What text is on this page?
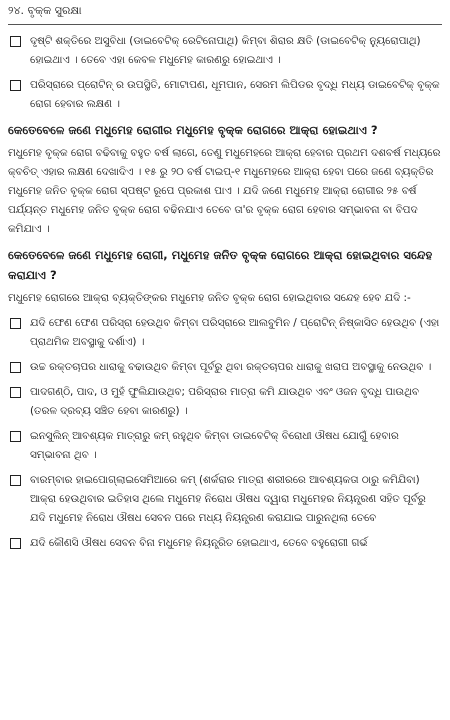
୨୪. ବୃକ୍କ ସୁରକ୍ଷା
ଦୃଷ୍ଟି ଶକ୍ତିରେ ଅସୁବିଧା (ଡାଇବେଟିକ୍ ରେଟିନୋପାଥି) କିମ୍ବା ଶିରାର କ୍ଷତି (ଡାଇବେଟିକ୍ ନ୍ୟୁରୋପାଥି) ହୋଇଥାଏ । ତେବେ ଏହା କେବଳ ମଧୁମେହ କାରଣରୁ ହୋଇଥାଏ ।
ପରିସ୍ରାରେ ପ୍ରୋଟିନ୍ ର ଉପସ୍ଥିତି, ମୋଟାପଣ, ଧୂମପାନ, ସେରମ ଲିପିଡର ବୃଦ୍ଧି ମଧ୍ୟ ଡାଇବେଟିକ୍ ବୃକ୍କ ରୋଗ ହେବାର ଲକ୍ଷଣ ।
କେତେବେଳେ ଜଣେ ମଧୁମେହ ରୋଗୀର ମଧୁମେହ ବୃକ୍କ ରୋଗରେ ଆକ୍ରା ହୋଇଥାଏ ?

ମଧୁମେହ ବୃକ୍କ ରୋଗ ବଢିବାକୁ ବହୁତ ବର୍ଷ ଲାଗେ, ତେଣୁ ମଧୁମେହରେ ଆକ୍ରା ହେବାର ପ୍ରଥମ ଦଶବର୍ଷ ମଧ୍ୟରେ କ୍ବଚିତ୍ ଏହାର ଲକ୍ଷଣ ଦେଖାଦିଏ । ୧୫ ରୁ ୨୦ ବର୍ଷ ଟାଇପ୍-୧ ମଧୁମେହରେ ଆକ୍ରା ହେବା ପରେ ଜଣେ ବ୍ୟକ୍ତିର ମଧୁମେହ ଜନିତ ବୃକ୍କ ରୋଗ ସ୍ପଷ୍ଟ ରୂପେ ପ୍ରକାଶ ପାଏ । ଯଦି ଜଣେ ମଧୁମେହ ଆକ୍ରା ରୋଗୀର ୨୫ ବର୍ଷ ପର୍ଯ୍ୟନ୍ତ ମଧୁମେହ ଜନିତ ବୃକ୍କ ରୋଗ ବଢିନଯାଏ ତେବେ ତା'ର ବୃକ୍କ ରୋଗ ହେବାର ସମ୍ଭାବନା ବା ବିପଦ କମିଯାଏ ।

କେତେବେଳେ ଜଣେ ମଧୁମେହ ରୋଗୀ, ମଧୁମେହ ଜନିତ ବୃକ୍କ ରୋଗରେ ଆକ୍ରା ହୋଇଥିବାର ସନ୍ଦେହ କରାଯାଏ ?

ମଧୁମେହ ରୋଗରେ ଆକ୍ରା ବ୍ୟକ୍ତିଙ୍କର ମଧୁମେହ ଜନିତ ବୃକ୍କ ରୋଗ ହୋଇଥିବାର ସନ୍ଦେହ ହେବ ଯଦି :-

ଯଦି ଫେଣ ଫେଣ ପରିସ୍ରା ହେଉଥିବ କିମ୍ବା ପରିସ୍ରାରେ ଆଲବୁମିନ / ପ୍ରୋଟିନ୍ ନିଷ୍କାସିତ ହେଉଥିବ (ଏହା ପ୍ରାଥମିକ ଅବସ୍ଥାକୁ ଦର୍ଶାଏ) ।
ଉଚ୍ଚ ରକ୍ତଚାପର ଧାରାକୁ ବଢାଉଥିବ କିମ୍ବା ପୂର୍ବରୁ ଥିବା ରକ୍ତଚାପର ଧାରାକୁ ଖରାପ ଅବସ୍ଥାକୁ ନେଉଥିବ ।
ପାଦଗଣ୍ଠି, ପାଦ, ଓ ମୁହଁ ଫୁଲିଯାଉଥିବ; ପରିସ୍ରାର ମାତ୍ରା କମି ଯାଉଥିବ ଏବଂ ଓଜନ ବୃଦ୍ଧି ପାଉଥିବ (ତରଳ ଦ୍ରବ୍ୟ ସଞ୍ଚିତ ହେବା କାରଣରୁ) ।
ଇନସୁଲିନ୍ ଆବଶ୍ୟକ ମାତ୍ରାରୁ କମ୍ ରହୁଥିବ କିମ୍ବା ଡାଇବେଟିକ୍ ବିରୋଧୀ ଔଷଧ ଯୋଗୁଁ ହେବାର ସମ୍ଭାବନା ଥିବ ।
ବାରମ୍ବାର ହାଇପୋଗ୍ଲାଇସେମିଆରେ କମ୍ (ଶର୍କରାର ମାତ୍ରା ଶରୀରରେ ଆବଶ୍ୟକତା ଠାରୁ କମିଯିବା) ଆକ୍ରା ହେଉଥିବାର ଇତିହାସ ଥିଲେ ମଧୁମେହ ନିରୋଧ ଔଷଧ ଦ୍ୱାରା ମଧୁମେହର ନିୟନ୍ତ୍ରଣ ସହିତ ପୂର୍ବରୁ ଯଦି ମଧୁମେହ ନିରୋଧ ଔଷଧ ସେବନ ପରେ ମଧ୍ୟ ନିୟନ୍ତ୍ରଣ କରାଯାଇ ପାରୁନଥିଲା ତେବେ
ଯଦି କୌଣସି ଔଷଧ ସେବନ ବିନା ମଧୁମେହ ନିୟନ୍ତ୍ରିତ ହୋଇଥାଏ, ତେବେ ବହୁରୋଗୀ ଗର୍ଭ
